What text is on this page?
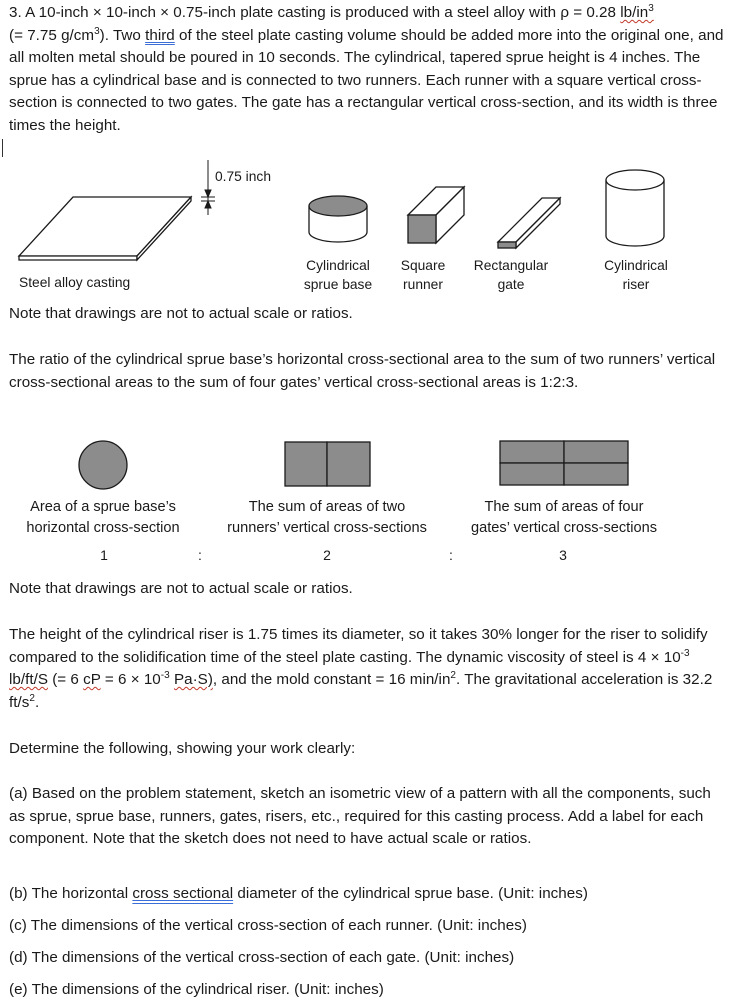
3. A 10-inch × 10-inch × 0.75-inch plate casting is produced with a steel alloy with ρ = 0.28 $lb/in^3$
(= 7.75 $g/cm^3$). Two third of the steel plate casting volume should be added more into the original one, and all molten metal should be poured in 10 seconds. The cylindrical, tapered sprue height is 4 inches. The sprue has a cylindrical base and is connected to two runners. Each runner with a square vertical cross-section is connected to two gates. The gate has a rectangular vertical cross-section, and its width is three times the height.
0.75 inch
Steel alloy casting
Cylindrical
sprue base
Square
runner
Rectangular
gate
Cylindrical
riser
Note that drawings are not to actual scale or ratios.
The ratio of the cylindrical sprue base’s horizontal cross-sectional area to the sum of two runners’ vertical cross-sectional areas to the sum of four gates’ vertical cross-sectional areas is 1:2:3.
Area of a sprue base’s
horizontal cross-section
The sum of areas of two
runners’ vertical cross-sections
The sum of areas of four
gates’ vertical cross-sections
1	:	2	:	3
Note that drawings are not to actual scale or ratios.
The height of the cylindrical riser is 1.75 times its diameter, so it takes 30% longer for the riser to solidify compared to the solidification time of the steel plate casting. The dynamic viscosity of steel is $4 \times 10^{-3}$ lb/ft/S (= 6 cP = $6 \times 10^{-3}$ Pa·S), and the mold constant = 16 $\min/in^2$. The gravitational acceleration is 32.2 $ft/s^2$.
Determine the following, showing your work clearly:
(a) Based on the problem statement, sketch an isometric view of a pattern with all the components, such as sprue, sprue base, runners, gates, risers, etc., required for this casting process. Add a label for each component. Note that the sketch does not need to have actual scale or ratios.
(b) The horizontal cross sectional diameter of the cylindrical sprue base. (Unit: inches)
(c) The dimensions of the vertical cross-section of each runner. (Unit: inches)
(d) The dimensions of the vertical cross-section of each gate. (Unit: inches)
(e) The dimensions of the cylindrical riser. (Unit: inches)
